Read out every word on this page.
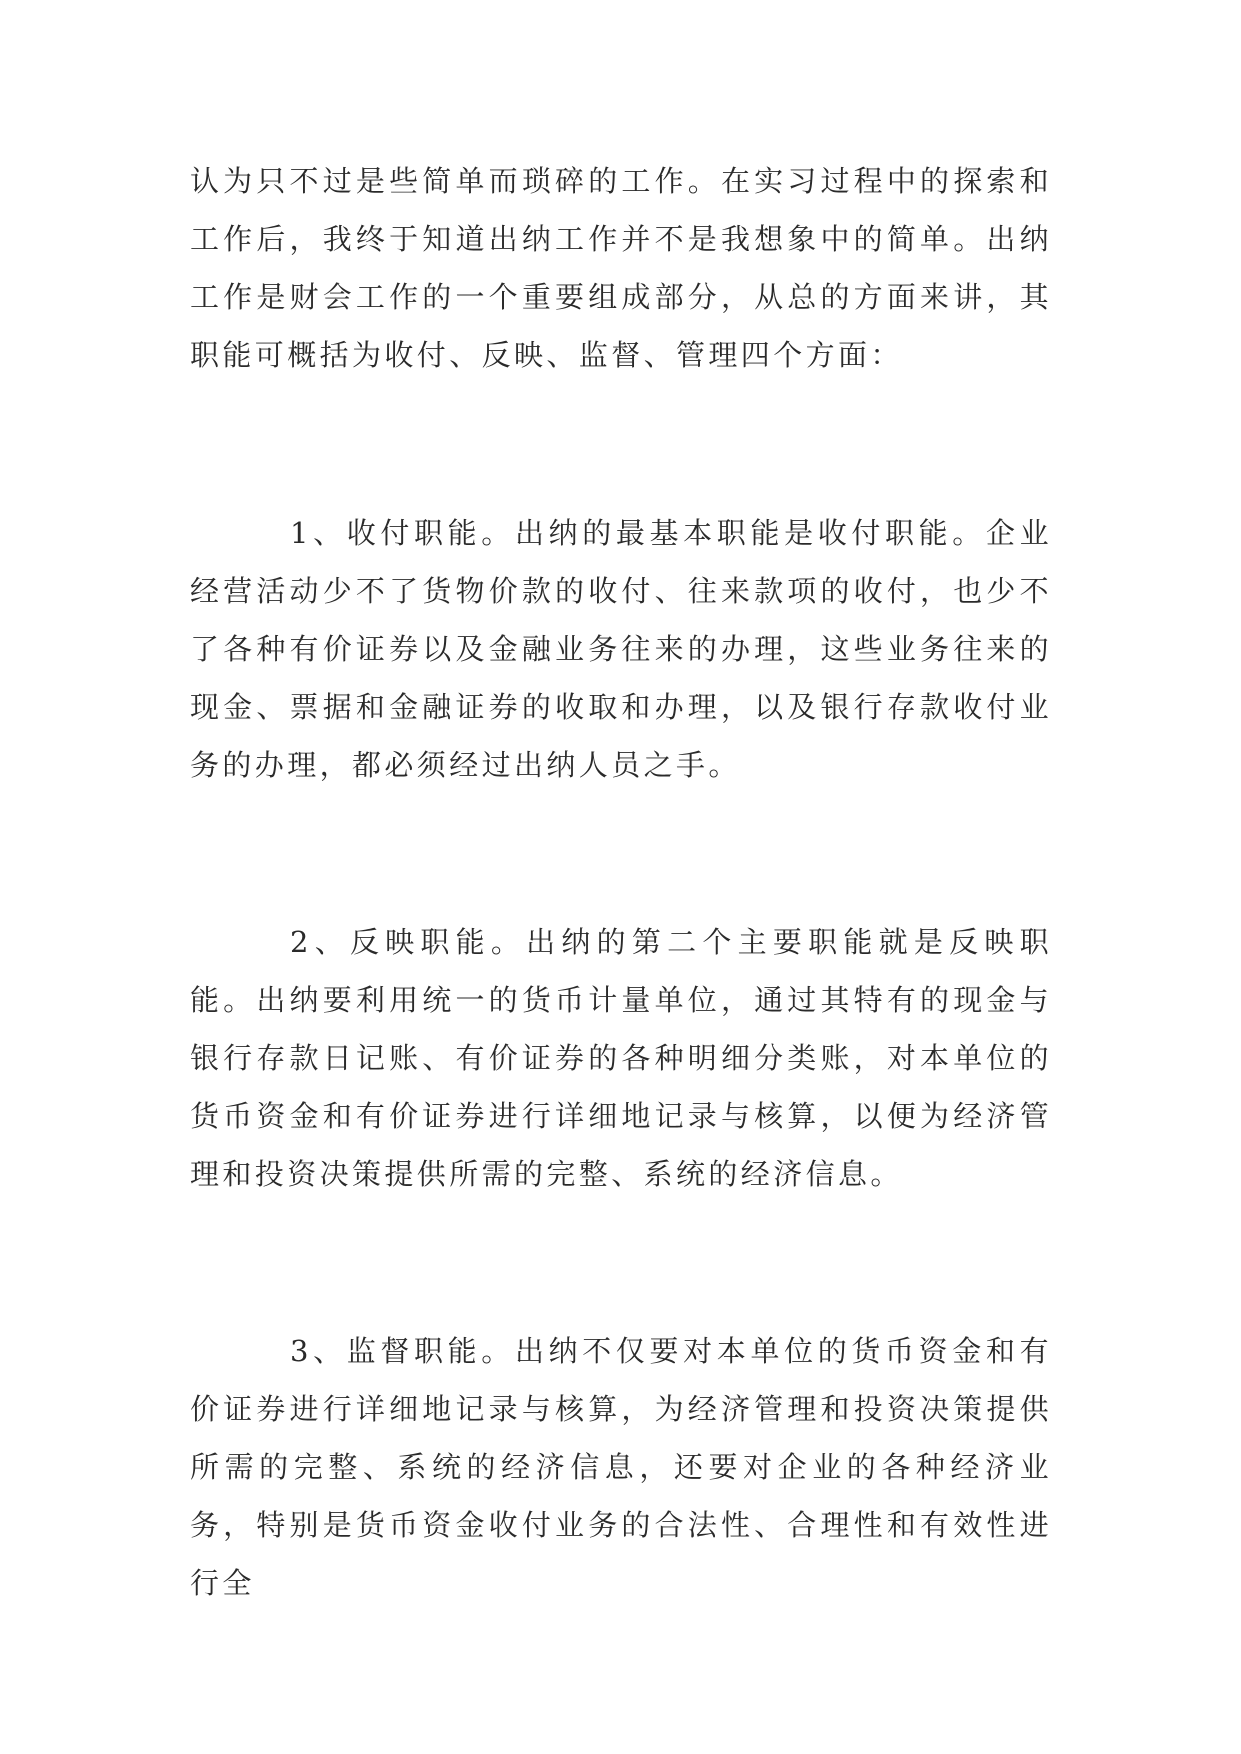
认为只不过是些简单而琐碎的工作。在实习过程中的探索和工作后，我终于知道出纳工作并不是我想象中的简单。出纳工作是财会工作的一个重要组成部分，从总的方面来讲，其职能可概括为收付、反映、监督、管理四个方面：

1、收付职能。出纳的最基本职能是收付职能。企业经营活动少不了货物价款的收付、往来款项的收付，也少不了各种有价证券以及金融业务往来的办理，这些业务往来的现金、票据和金融证券的收取和办理，以及银行存款收付业务的办理，都必须经过出纳人员之手。

2、反映职能。出纳的第二个主要职能就是反映职能。出纳要利用统一的货币计量单位，通过其特有的现金与银行存款日记账、有价证券的各种明细分类账，对本单位的货币资金和有价证券进行详细地记录与核算，以便为经济管理和投资决策提供所需的完整、系统的经济信息。

3、监督职能。出纳不仅要对本单位的货币资金和有价证券进行详细地记录与核算，为经济管理和投资决策提供所需的完整、系统的经济信息，还要对企业的各种经济业务，特别是货币资金收付业务的合法性、合理性和有效性进行全
